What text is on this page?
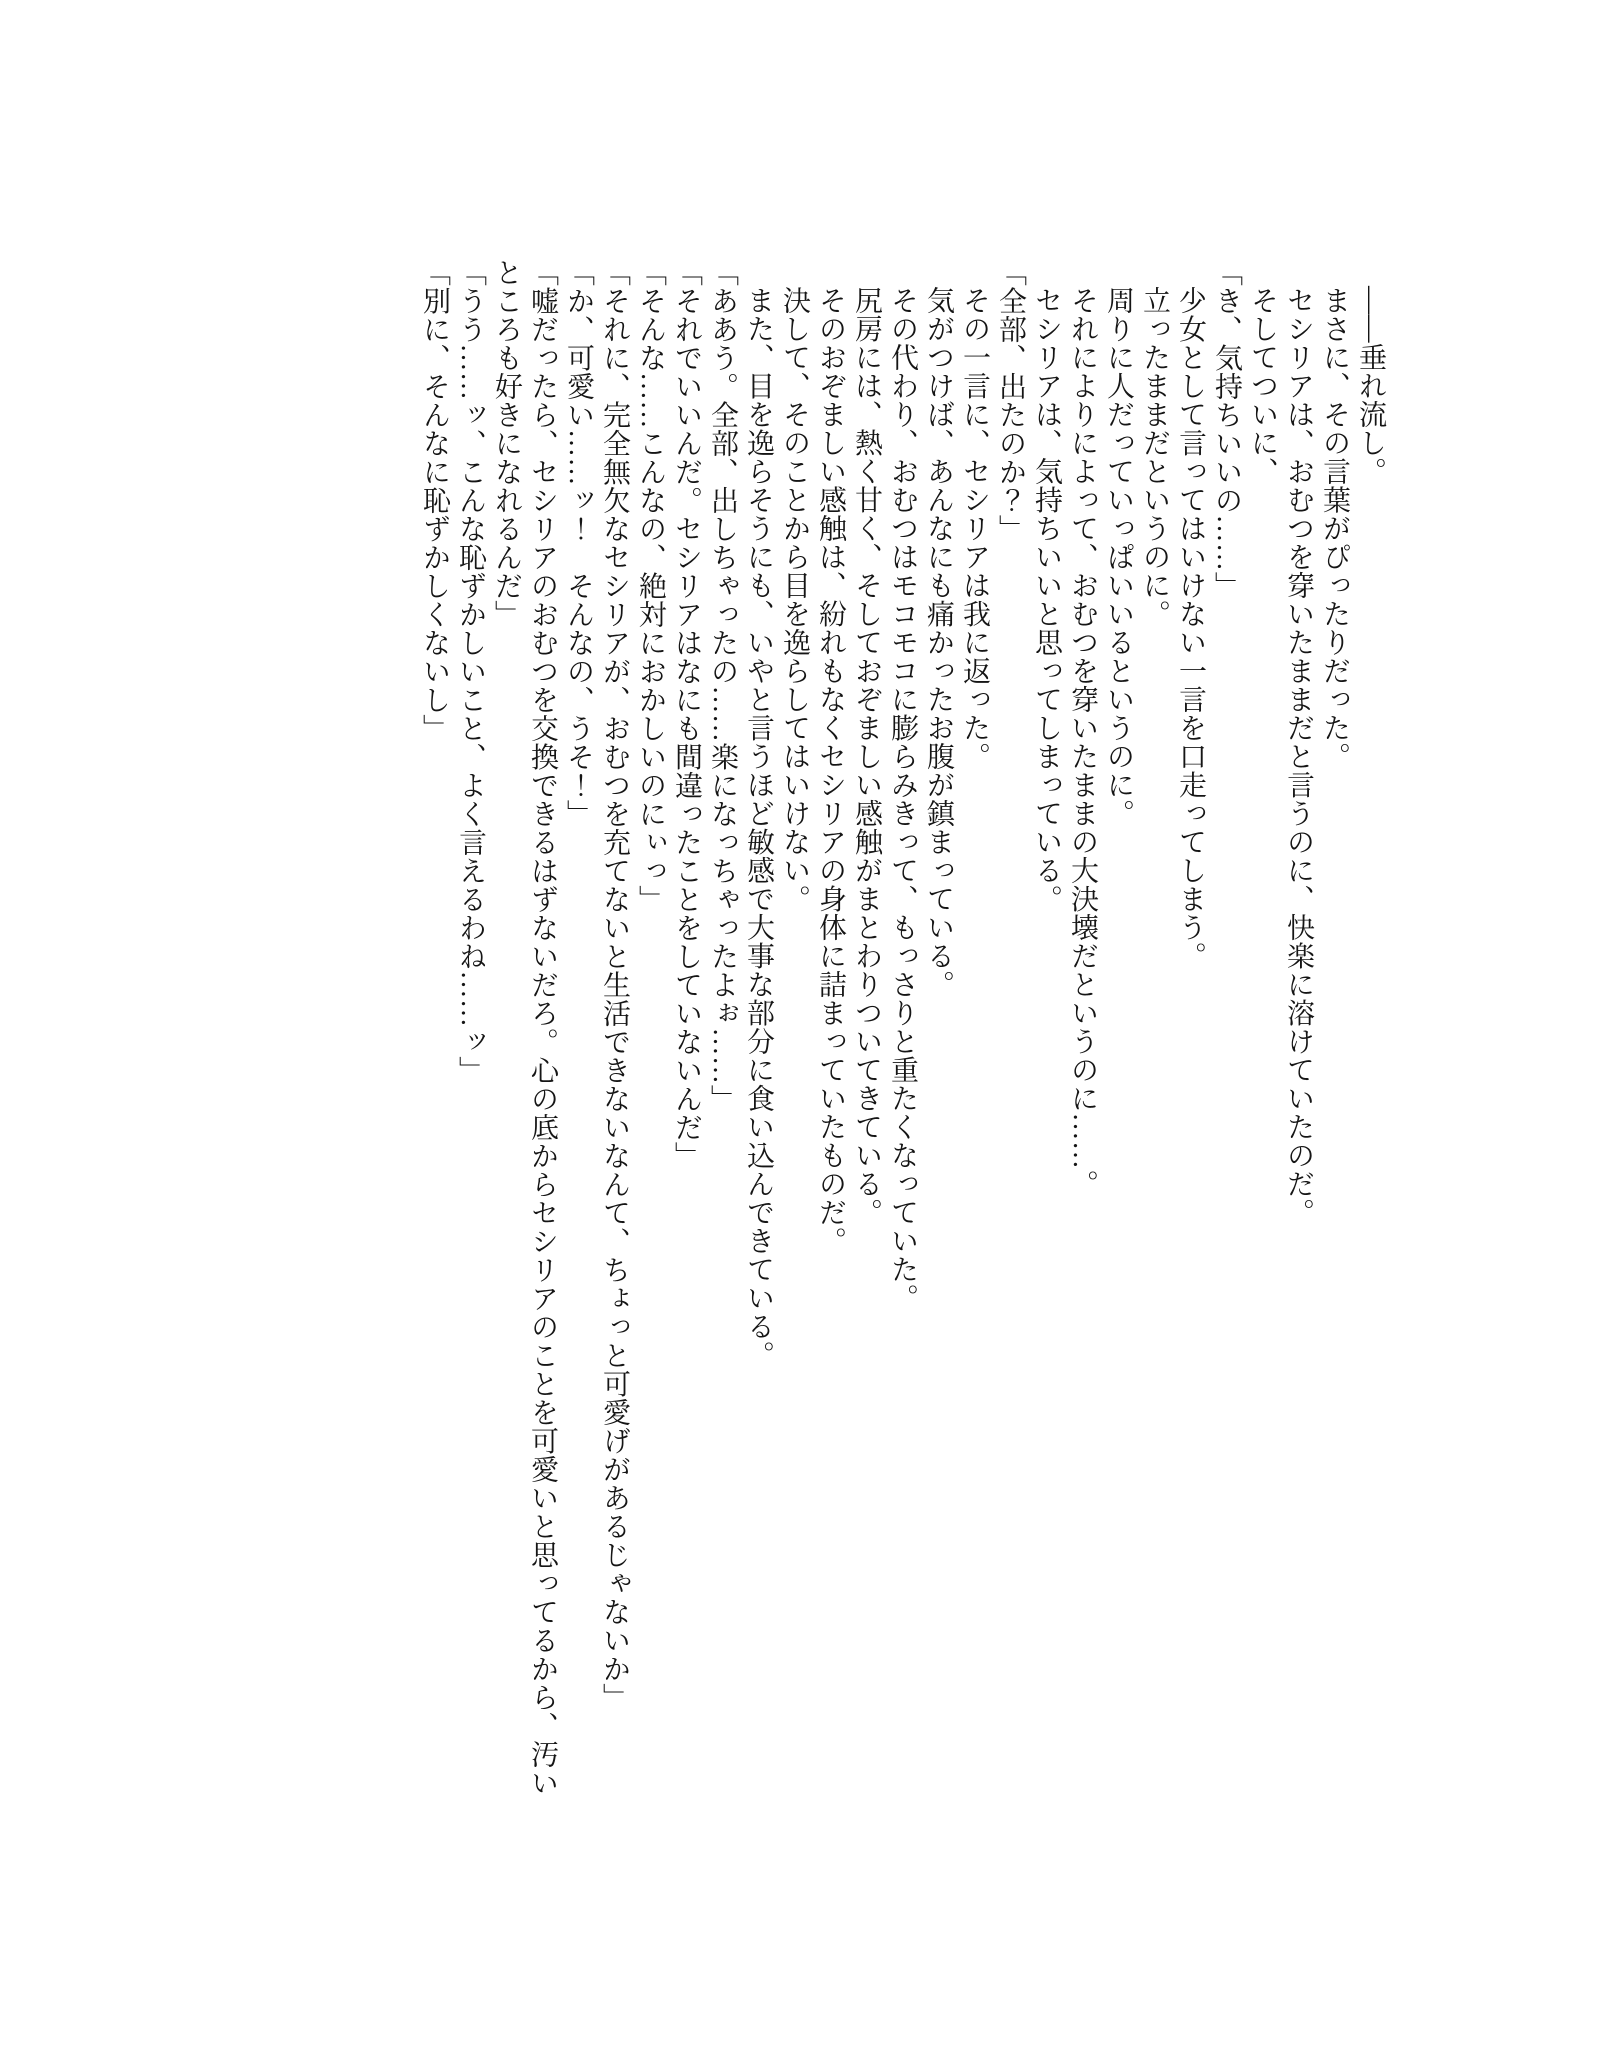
――垂れ流し。

まさに、その言葉がぴったりだった。

セシリアは、おむつを穿いたままだと言うのに、快楽に溶けていたのだ。

そしてついに、

「き、気持ちいいの……」

少女として言ってはいけない一言を口走ってしまう。

立ったままだというのに。

周りに人だっていっぱいいるというのに。

それによりによって、おむつを穿いたままの大決壊だというのに……。

セシリアは、気持ちいいと思ってしまっている。

「全部、出たのか？」

その一言に、セシリアは我に返った。

気がつけば、あんなにも痛かったお腹が鎮まっている。

その代わり、おむつはモコモコに膨らみきって、もっさりと重たくなっていた。

尻房には、熱く甘く、そしておぞましい感触がまとわりついてきている。

そのおぞましい感触は、紛れもなくセシリアの身体に詰まっていたものだ。

決して、そのことから目を逸らしてはいけない。

また、目を逸らそうにも、いやと言うほど敏感で大事な部分に食い込んできている。

「ああう。全部、出しちゃったの……楽になっちゃったよぉ……」

「それでいいんだ。セシリアはなにも間違ったことをしていないんだ」

「そんな……こんなの、絶対におかしいのにぃっ」

「それに、完全無欠なセシリアが、おむつを充てないと生活できないなんて、ちょっと可愛げがあるじゃないか」

「か、可愛い……ッ！　そんなの、うそ！」

「嘘だったら、セシリアのおむつを交換できるはずないだろ。心の底からセシリアのことを可愛いと思ってるから、汚いところも好きになれるんだ」

「うう……ッ、こんな恥ずかしいこと、よく言えるわね……ッ」

「別に、そんなに恥ずかしくないし」
